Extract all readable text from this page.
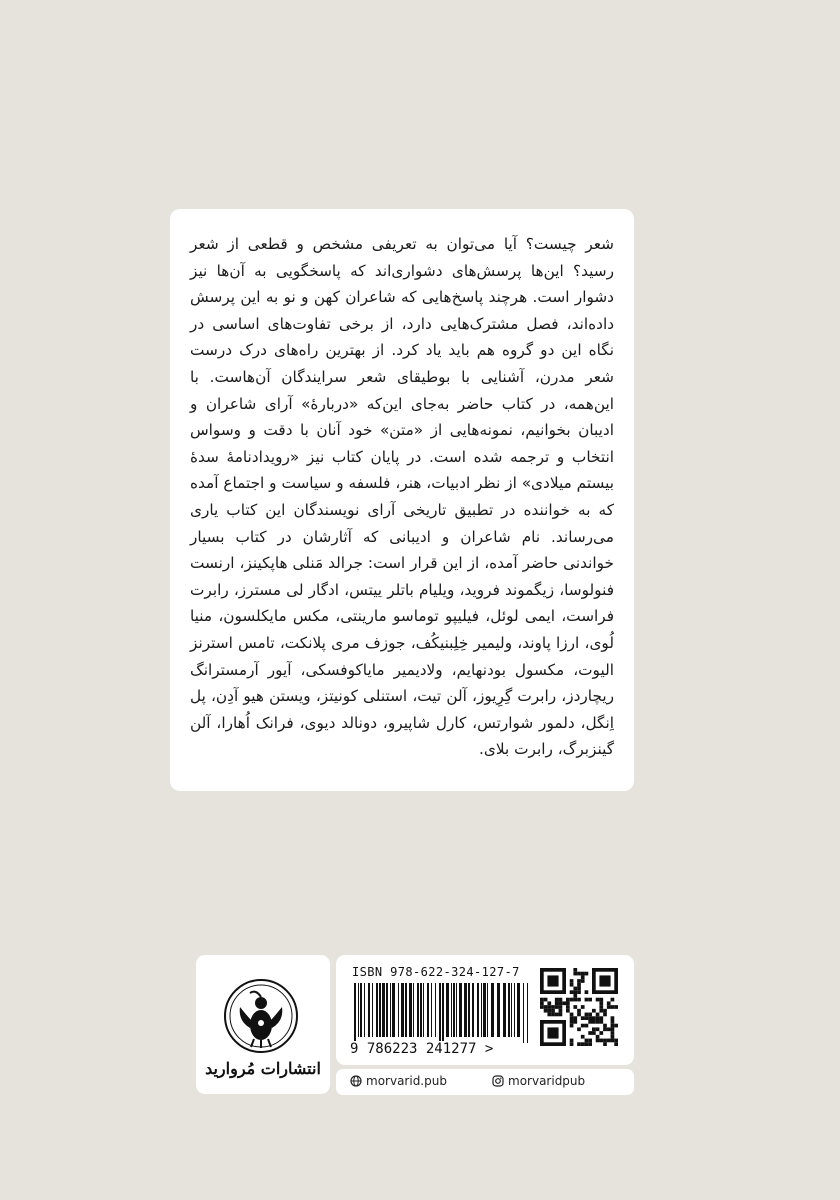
شعر چیست؟ آیا می‌توان به تعریفی مشخص و قطعی از شعر رسید؟ این‌ها پرسش‌های دشواری‌اند که پاسخگویی به آن‌ها نیز دشوار است. هرچند پاسخ‌هایی که شاعران کهن و نو به این پرسش داده‌اند، فصل مشترک‌هایی دارد، از برخی تفاوت‌های اساسی در نگاه این دو گروه هم باید یاد کرد. از بهترین راه‌های درک درست شعر مدرن، آشنایی با بوطیقای شعر سرایندگان آن‌هاست. با این‌همه، در کتاب حاضر به‌جای این‌که «دربارهٔ» آرای شاعران و ادیبان بخوانیم، نمونه‌هایی از «متن» خود آنان با دقت و وسواس انتخاب و ترجمه شده است. در پایان کتاب نیز «رویدادنامهٔ سدهٔ بیستم میلادی» از نظر ادبیات، هنر، فلسفه و سیاست و اجتماع آمده که به خواننده در تطبیق تاریخی آرای نویسندگان این کتاب یاری می‌رساند. نام شاعران و ادیبانی که آثارشان در کتاب بسیار خواندنی حاضر آمده، از این قرار است: جرالد مَنلی هاپکینز، ارنست فنولوسا، زیگموند فروید، ویلیام باتلر ییتس، ادگار لی مسترز، رابرت فراست، ایمی لوئل، فیلیپو توماسو مارینتی، مکس مایکلسون، منیا لُوی، ارزا پاوند، ولیمیر خِلِبنیکُف، جوزف مری پلانکت، تامس استرنز الیوت، مکسول بودنهایم، ولادیمیر مایاکوفسکی، آیور آرمسترانگ ریچاردز، رابرت گِرِیوز، آلن تیت، استنلی کونیتز، ویستن هیو آدِن، پل اِنگل، دلمور شوارتس، کارل شاپیرو، دونالد دیوی، فرانک اُهارا، آلن گینزبرگ، رابرت بلای.

انتشارات مُروارید
ISBN 978-622-324-127-7
9 786223 241277 >
morvarid.pub	morvaridpub
